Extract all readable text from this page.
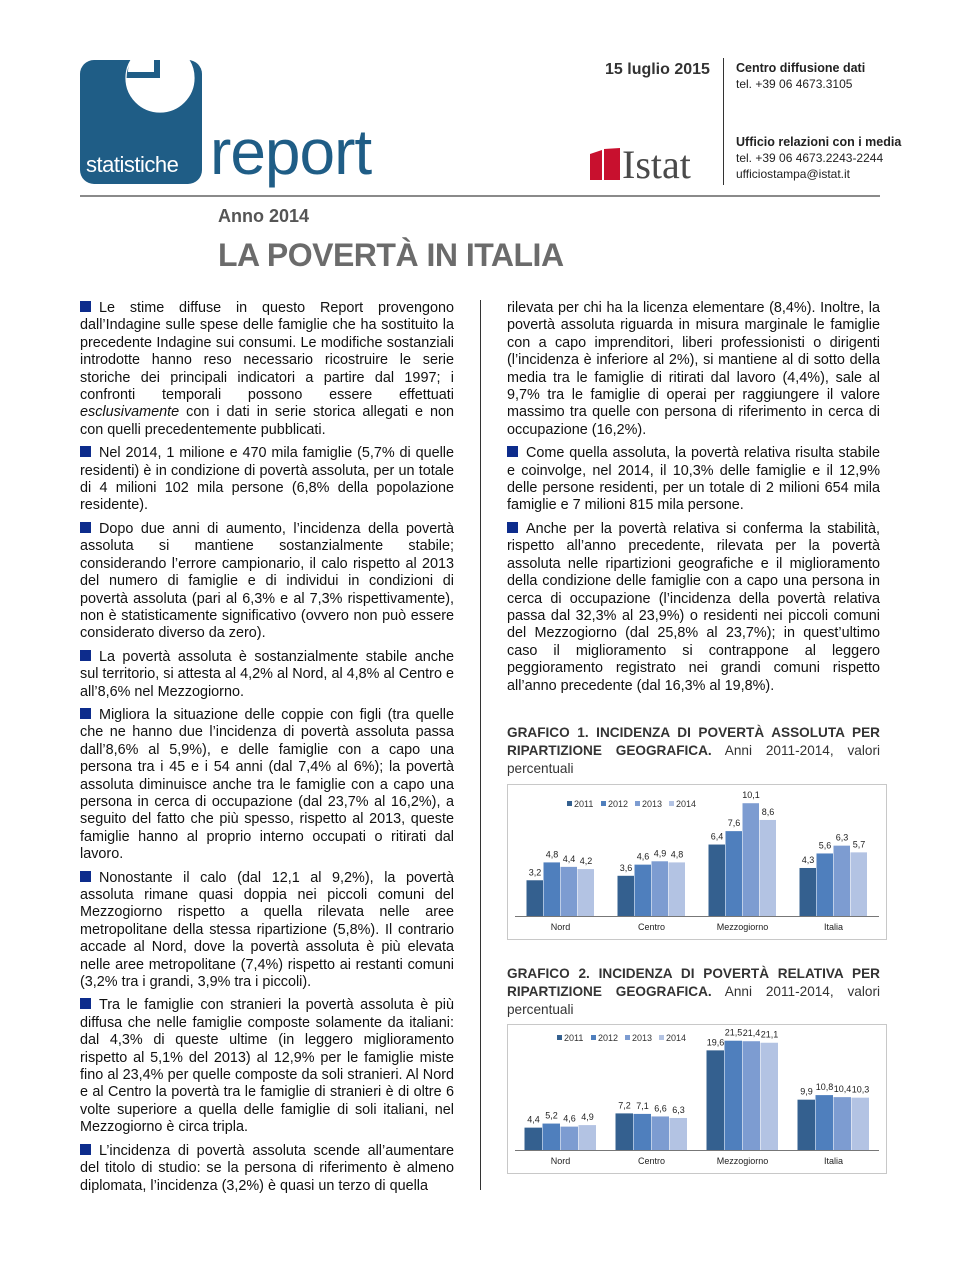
statistiche report
15 luglio 2015 Centro diffusione dati
tel. +39 06 4673.3105
Ufficio relazioni con i media
tel. +39 06 4673.2243-2244
ufficiostampa@istat.it
Istat
Anno 2014
LA POVERTÀ IN ITALIA

Le stime diffuse in questo Report provengono dall’Indagine sulle spese delle famiglie che ha sostituito la precedente Indagine sui consumi. Le modifiche sostanziali introdotte hanno reso necessario ricostruire le serie storiche dei principali indicatori a partire dal 1997; i confronti temporali possono essere effettuati esclusivamente con i dati in serie storica allegati e non con quelli precedentemente pubblicati.

Nel 2014, 1 milione e 470 mila famiglie (5,7% di quelle residenti) è in condizione di povertà assoluta, per un totale di 4 milioni 102 mila persone (6,8% della popolazione residente).

Dopo due anni di aumento, l’incidenza della povertà assoluta si mantiene sostanzialmente stabile; considerando l’errore campionario, il calo rispetto al 2013 del numero di famiglie e di individui in condizioni di povertà assoluta (pari al 6,3% e al 7,3% rispettivamente), non è statisticamente significativo (ovvero non può essere considerato diverso da zero).

La povertà assoluta è sostanzialmente stabile anche sul territorio, si attesta al 4,2% al Nord, al 4,8% al Centro e all’8,6% nel Mezzogiorno.

Migliora la situazione delle coppie con figli (tra quelle che ne hanno due l’incidenza di povertà assoluta passa dall’8,6% al 5,9%), e delle famiglie con a capo una persona tra i 45 e i 54 anni (dal 7,4% al 6%); la povertà assoluta diminuisce anche tra le famiglie con a capo una persona in cerca di occupazione (dal 23,7% al 16,2%), a seguito del fatto che più spesso, rispetto al 2013, queste famiglie hanno al proprio interno occupati o ritirati dal lavoro.

Nonostante il calo (dal 12,1 al 9,2%), la povertà assoluta rimane quasi doppia nei piccoli comuni del Mezzogiorno rispetto a quella rilevata nelle aree metropolitane della stessa ripartizione (5,8%). Il contrario accade al Nord, dove la povertà assoluta è più elevata nelle aree metropolitane (7,4%) rispetto ai restanti comuni (3,2% tra i grandi, 3,9% tra i piccoli).

Tra le famiglie con stranieri la povertà assoluta è più diffusa che nelle famiglie composte solamente da italiani: dal 4,3% di queste ultime (in leggero miglioramento rispetto al 5,1% del 2013) al 12,9% per le famiglie miste fino al 23,4% per quelle composte da soli stranieri. Al Nord e al Centro la povertà tra le famiglie di stranieri è di oltre 6 volte superiore a quella delle famiglie di soli italiani, nel Mezzogiorno è circa tripla.

L’incidenza di povertà assoluta scende all’aumentare del titolo di studio: se la persona di riferimento è almeno diplomata, l’incidenza (3,2%) è quasi un terzo di quella

rilevata per chi ha la licenza elementare (8,4%). Inoltre, la povertà assoluta riguarda in misura marginale le famiglie con a capo imprenditori, liberi professionisti o dirigenti (l’incidenza è inferiore al 2%), si mantiene al di sotto della media tra le famiglie di ritirati dal lavoro (4,4%), sale al 9,7% tra le famiglie di operai per raggiungere il valore massimo tra quelle con persona di riferimento in cerca di occupazione (16,2%).

Come quella assoluta, la povertà relativa risulta stabile e coinvolge, nel 2014, il 10,3% delle famiglie e il 12,9% delle persone residenti, per un totale di 2 milioni 654 mila famiglie e 7 milioni 815 mila persone.

Anche per la povertà relativa si conferma la stabilità, rispetto all’anno precedente, rilevata per la povertà assoluta nelle ripartizioni geografiche e il miglioramento della condizione delle famiglie con a capo una persona in cerca di occupazione (l’incidenza della povertà relativa passa dal 32,3% al 23,9%) o residenti nei piccoli comuni del Mezzogiorno (dal 25,8% al 23,7%); in quest’ultimo caso il miglioramento si contrappone al leggero peggioramento registrato nei grandi comuni rispetto all’anno precedente (dal 16,3% al 19,8%).

GRAFICO 1. INCIDENZA DI POVERTÀ ASSOLUTA PER RIPARTIZIONE GEOGRAFICA. Anni 2011-2014, valori percentuali
2011 2012 2013 2014
3,2
4,8 4,4 4,2
Nord
3,6
4,6 4,9 4,8
Centro
6,4
7,6
10,1
8,6
Mezzogiorno
4,3
5,6
6,3
5,7
Italia
GRAFICO 2. INCIDENZA DI POVERTÀ RELATIVA PER RIPARTIZIONE GEOGRAFICA. Anni 2011-2014, valori percentuali
2011 2012 2013 2014
4,4 5,2 4,6 4,9
Nord
7,2 7,1 6,6 6,3
Centro
19,6
21,5 21,4 21,1
Mezzogiorno
9,9 10,8 10,4 10,3
Italia
